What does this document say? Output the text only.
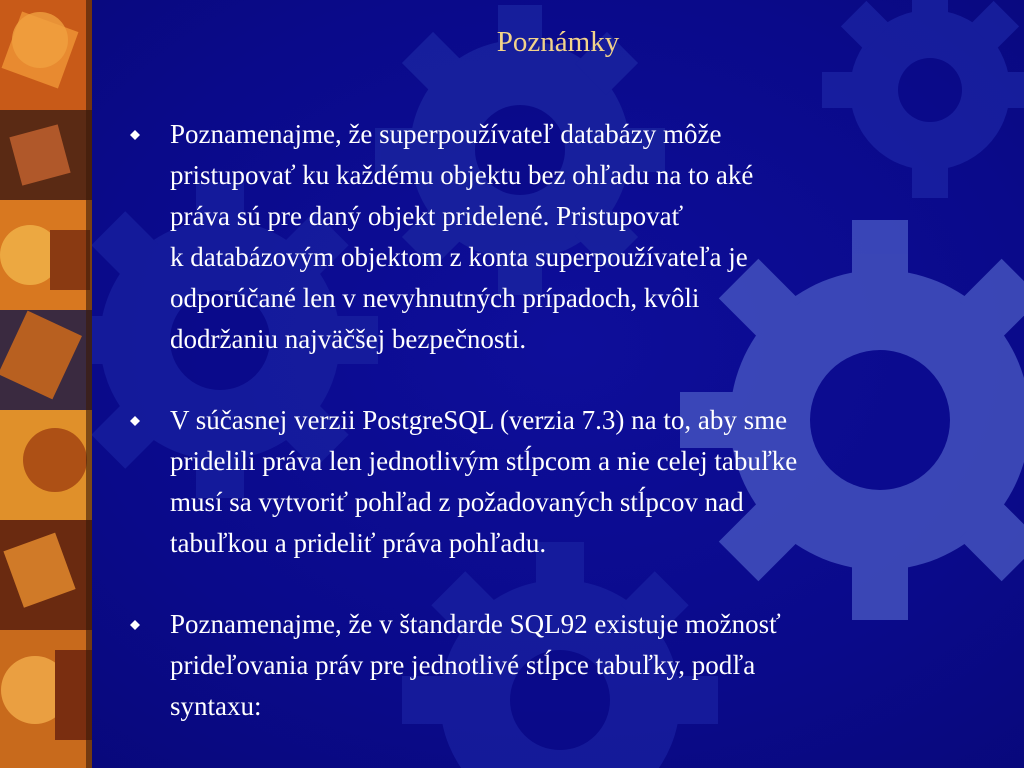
Poznámky
Poznamenajme, že superpoužívateľ databázy môže
pristupovať ku každému objektu bez ohľadu na to aké
práva sú pre daný objekt pridelené. Pristupovať
k databázovým objektom z konta superpoužívateľa je
odporúčané len v nevyhnutných prípadoch, kvôli
dodržaniu najväčšej bezpečnosti.
V súčasnej verzii PostgreSQL (verzia 7.3) na to, aby sme
pridelili práva len jednotlivým stĺpcom a nie celej tabuľke
musí sa vytvoriť pohľad z požadovaných stĺpcov nad
tabuľkou a prideliť práva pohľadu.
Poznamenajme, že v štandarde SQL92 existuje možnosť
prideľovania práv pre jednotlivé stĺpce tabuľky, podľa
syntaxu:
